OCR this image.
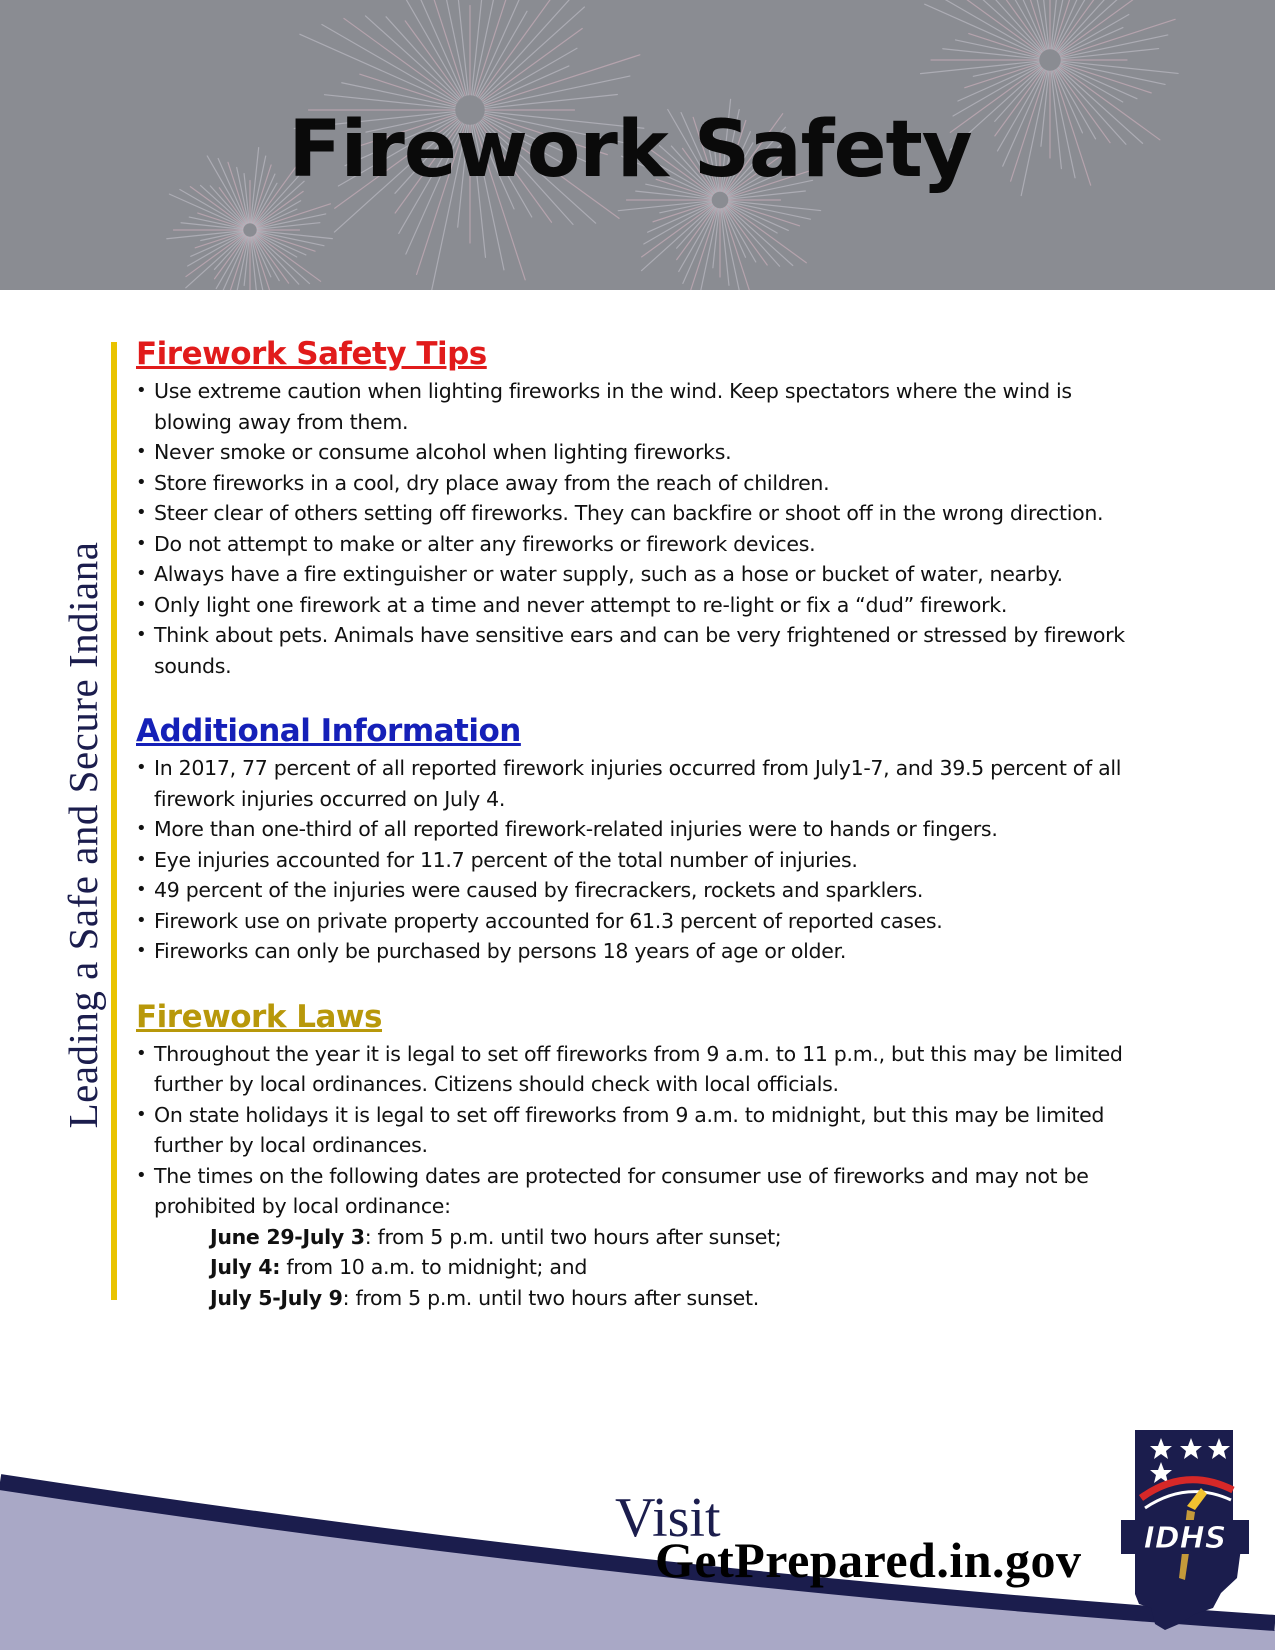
Firework Safety
Leading a Safe and Secure Indiana
Firework Safety Tips
• Use extreme caution when lighting fireworks in the wind. Keep spectators where the wind is blowing away from them.
• Never smoke or consume alcohol when lighting fireworks.
• Store fireworks in a cool, dry place away from the reach of children.
• Steer clear of others setting off fireworks. They can backfire or shoot off in the wrong direction.
• Do not attempt to make or alter any fireworks or firework devices.
• Always have a fire extinguisher or water supply, such as a hose or bucket of water, nearby.
• Only light one firework at a time and never attempt to re-light or fix a “dud” firework.
• Think about pets. Animals have sensitive ears and can be very frightened or stressed by firework sounds.
Additional Information
• In 2017, 77 percent of all reported firework injuries occurred from July1-7, and 39.5 percent of all firework injuries occurred on July 4.
• More than one-third of all reported firework-related injuries were to hands or fingers.
• Eye injuries accounted for 11.7 percent of the total number of injuries.
• 49 percent of the injuries were caused by firecrackers, rockets and sparklers.
• Firework use on private property accounted for 61.3 percent of reported cases.
• Fireworks can only be purchased by persons 18 years of age or older.
Firework Laws
• Throughout the year it is legal to set off fireworks from 9 a.m. to 11 p.m., but this may be limited further by local ordinances. Citizens should check with local officials.
• On state holidays it is legal to set off fireworks from 9 a.m. to midnight, but this may be limited further by local ordinances.
• The times on the following dates are protected for consumer use of fireworks and may not be prohibited by local ordinance:
June 29-July 3: from 5 p.m. until two hours after sunset;
July 4: from 10 a.m. to midnight; and
July 5-July 9: from 5 p.m. until two hours after sunset.
Visit
GetPrepared.in.gov IDHS
